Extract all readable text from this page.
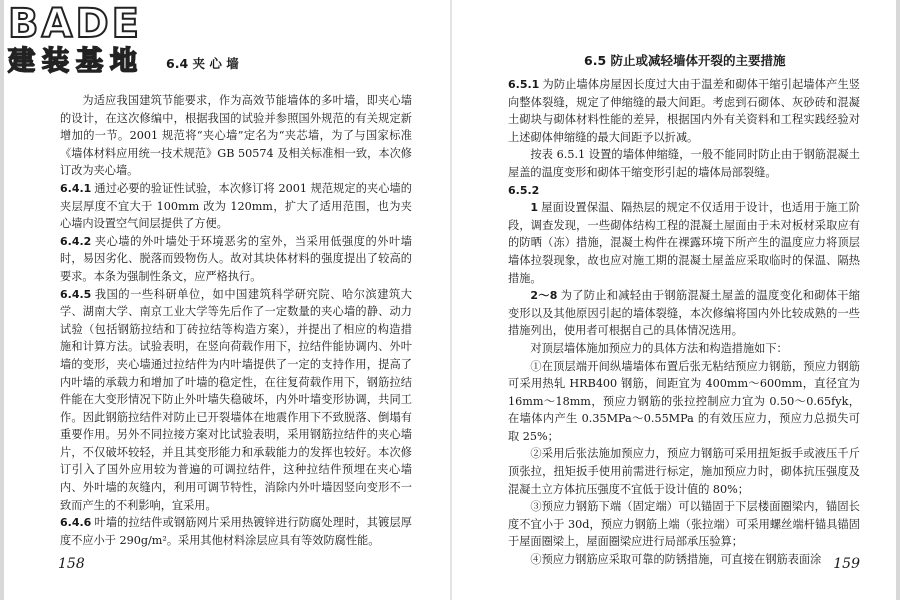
6.4 夹 心 墙

为适应我国建筑节能要求，作为高效节能墙体的多叶墙，即夹心墙的设计，在这次修编中，根据我国的试验并参照国外规范的有关规定新增加的一节。2001 规范将“夹心墙”定名为“夹芯墙，为了与国家标准《墙体材料应用统一技术规范》GB 50574 及相关标准相一致，本次修订改为夹心墙。

6.4.1 通过必要的验证性试验，本次修订将 2001 规范规定的夹心墙的夹层厚度不宜大于 100mm 改为 120mm，扩大了适用范围，也为夹心墙内设置空气间层提供了方便。

6.4.2 夹心墙的外叶墙处于环境恶劣的室外，当采用低强度的外叶墙时，易因劣化、脱落而毁物伤人。故对其块体材料的强度提出了较高的要求。本条为强制性条文，应严格执行。

6.4.5 我国的一些科研单位，如中国建筑科学研究院、哈尔滨建筑大学、湖南大学、南京工业大学等先后作了一定数量的夹心墙的静、动力试验（包括钢筋拉结和丁砖拉结等构造方案），并提出了相应的构造措施和计算方法。试验表明，在竖向荷载作用下，拉结件能协调内、外叶墙的变形，夹心墙通过拉结件为内叶墙提供了一定的支持作用，提高了内叶墙的承载力和增加了叶墙的稳定性，在往复荷载作用下，钢筋拉结件能在大变形情况下防止外叶墙失稳破坏，内外叶墙变形协调，共同工作。因此钢筋拉结件对防止已开裂墙体在地震作用下不致脱落、倒塌有重要作用。另外不同拉接方案对比试验表明，采用钢筋拉结件的夹心墙片，不仅破坏较轻，并且其变形能力和承载能力的发挥也较好。本次修订引入了国外应用较为普遍的可调拉结件，这种拉结件预埋在夹心墙内、外叶墙的灰缝内，利用可调节特性，消除内外叶墙因竖向变形不一致而产生的不利影响，宜采用。

6.4.6 叶墙的拉结件或钢筋网片采用热镀锌进行防腐处理时，其镀层厚度不应小于 290g/m²。采用其他材料涂层应具有等效防腐性能。

158
6.5 防止或减轻墙体开裂的主要措施

6.5.1 为防止墙体房屋因长度过大由于温差和砌体干缩引起墙体产生竖向整体裂缝，规定了伸缩缝的最大间距。考虑到石砌体、灰砂砖和混凝土砌块与砌体材料性能的差异，根据国内外有关资料和工程实践经验对上述砌体伸缩缝的最大间距予以折减。

按表 6.5.1 设置的墙体伸缩缝，一般不能同时防止由于钢筋混凝土屋盖的温度变形和砌体干缩变形引起的墙体局部裂缝。

6.5.2

1 屋面设置保温、隔热层的规定不仅适用于设计，也适用于施工阶段，调查发现，一些砌体结构工程的混凝土屋面由于未对板材采取应有的防晒（冻）措施，混凝土构件在裸露环境下所产生的温度应力将顶层墙体拉裂现象，故也应对施工期的混凝土屋盖应采取临时的保温、隔热措施。

2～8 为了防止和减轻由于钢筋混凝土屋盖的温度变化和砌体干缩变形以及其他原因引起的墙体裂缝，本次修编将国内外比较成熟的一些措施列出，使用者可根据自己的具体情况选用。

对顶层墙体施加预应力的具体方法和构造措施如下：

①在顶层端开间纵墙墙体布置后张无粘结预应力钢筋，预应力钢筋可采用热轧 HRB400 钢筋，间距宜为 400mm～600mm，直径宜为 16mm～18mm，预应力钢筋的张拉控制应力宜为 0.50～0.65fyk，在墙体内产生 0.35MPa～0.55MPa 的有效压应力，预应力总损失可取 25%；

②采用后张法施加预应力，预应力钢筋可采用扭矩扳手或液压千斤顶张拉，扭矩扳手使用前需进行标定，施加预应力时，砌体抗压强度及混凝土立方体抗压强度不宜低于设计值的 80%；

③预应力钢筋下端（固定端）可以锚固于下层楼面圈梁内，锚固长度不宜小于 30d，预应力钢筋上端（张拉端）可采用螺丝端杆锚具锚固于屋面圈梁上，屋面圈梁应进行局部承压验算；

④预应力钢筋应采取可靠的防锈措施，可直接在钢筋表面涂 159
BADE
建装基地
